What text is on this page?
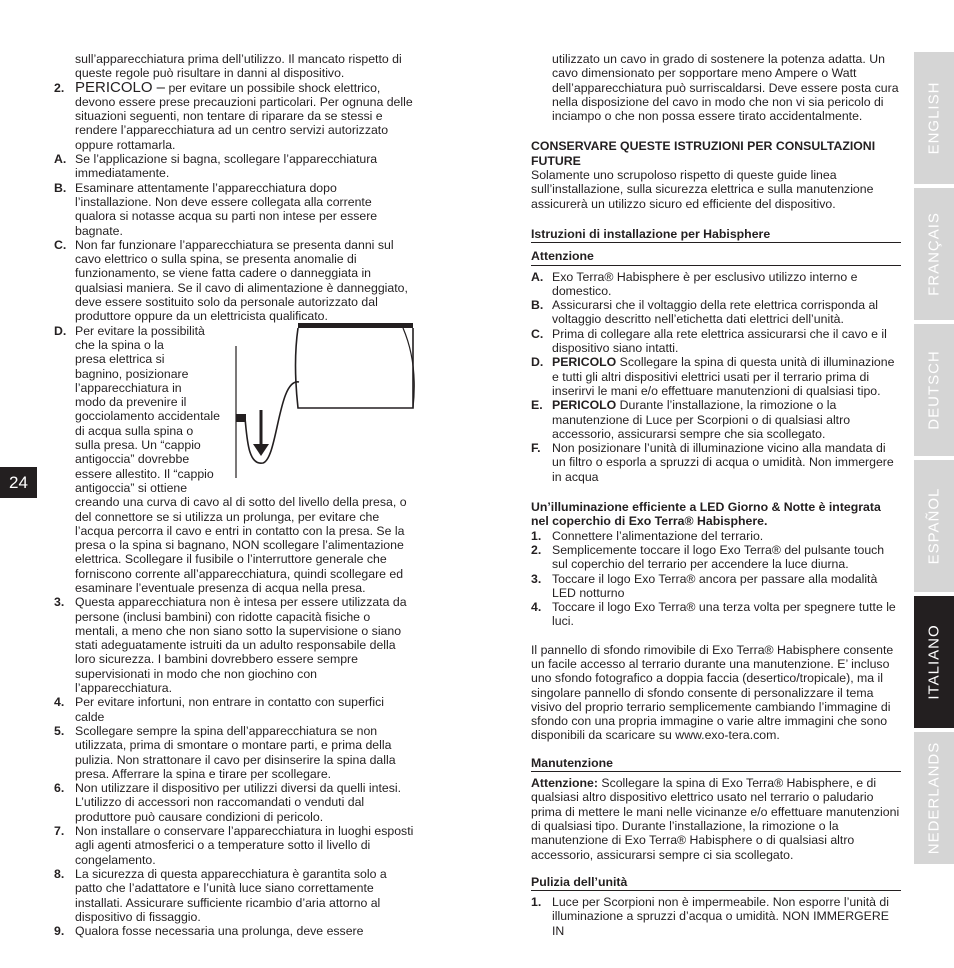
sull’apparecchiatura prima dell’utilizzo. Il mancato rispetto di queste regole può risultare in danni al dispositivo.
2. PERICOLO – per evitare un possibile shock elettrico, devono essere prese precauzioni particolari. Per ognuna delle situazioni seguenti, non tentare di riparare da se stessi e rendere l’apparecchiatura ad un centro servizi autorizzato oppure rottamarla.
A. Se l’applicazione si bagna, scollegare l’apparecchiatura immediatamente.
B. Esaminare attentamente l’apparecchiatura dopo l’installazione. Non deve essere collegata alla corrente qualora si notasse acqua su parti non intese per essere bagnate.
C. Non far funzionare l’apparecchiatura se presenta danni sul cavo elettrico o sulla spina, se presenta anomalie di funzionamento, se viene fatta cadere o danneggiata in qualsiasi maniera. Se il cavo di alimentazione è danneggiato, deve essere sostituito solo da personale autorizzato dal produttore oppure da un elettricista qualificato.
D. Per evitare la possibilità
che la spina o la
presa elettrica si
bagnino, posizionare
l’apparecchiatura in
modo da prevenire il
gocciolamento accidentale
di acqua sulla spina o
sulla presa. Un “cappio
antigoccia” dovrebbe
essere allestito. Il “cappio
antigoccia” si ottiene
creando una curva di cavo al di sotto del livello della presa, o del connettore se si utilizza un prolunga, per evitare che l’acqua percorra il cavo e entri in contatto con la presa. Se la presa o la spina si bagnano, NON scollegare l’alimentazione elettrica. Scollegare il fusibile o l’interruttore generale che forniscono corrente all’apparecchiatura, quindi scollegare ed esaminare l’eventuale presenza di acqua nella presa.
3. Questa apparecchiatura non è intesa per essere utilizzata da persone (inclusi bambini) con ridotte capacità fisiche o mentali, a meno che non siano sotto la supervisione o siano stati adeguatamente istruiti da un adulto responsabile della loro sicurezza. I bambini dovrebbero essere sempre supervisionati in modo che non giochino con l’apparecchiatura.
4. Per evitare infortuni, non entrare in contatto con superfici calde
5. Scollegare sempre la spina dell’apparecchiatura se non utilizzata, prima di smontare o montare parti, e prima della pulizia. Non strattonare il cavo per disinserire la spina dalla presa. Afferrare la spina e tirare per scollegare.
6. Non utilizzare il dispositivo per utilizzi diversi da quelli intesi. L’utilizzo di accessori non raccomandati o venduti dal produttore può causare condizioni di pericolo.
7. Non installare o conservare l’apparecchiatura in luoghi esposti agli agenti atmosferici o a temperature sotto il livello di congelamento.
8. La sicurezza di questa apparecchiatura è garantita solo a patto che l’adattatore e l’unità luce siano correttamente installati. Assicurare sufficiente ricambio d’aria attorno al dispositivo di fissaggio.
9. Qualora fosse necessaria una prolunga, deve essere
utilizzato un cavo in grado di sostenere la potenza adatta. Un cavo dimensionato per sopportare meno Ampere o Watt dell’apparecchiatura può surriscaldarsi. Deve essere posta cura nella disposizione del cavo in modo che non vi sia pericolo di inciampo o che non possa essere tirato accidentalmente.
CONSERVARE QUESTE ISTRUZIONI PER CONSULTAZIONI FUTURE
Solamente uno scrupoloso rispetto di queste guide linea sull’installazione, sulla sicurezza elettrica e sulla manutenzione assicurerà un utilizzo sicuro ed efficiente del dispositivo.
Istruzioni di installazione per Habisphere
Attenzione
A. Exo Terra® Habisphere è per esclusivo utilizzo interno e domestico.
B. Assicurarsi che il voltaggio della rete elettrica corrisponda al voltaggio descritto nell’etichetta dati elettrici dell’unità.
C. Prima di collegare alla rete elettrica assicurarsi che il cavo e il dispositivo siano intatti.
D. PERICOLO Scollegare la spina di questa unità di illuminazione e tutti gli altri dispositivi elettrici usati per il terrario prima di inserirvi le mani e/o effettuare manutenzioni di qualsiasi tipo.
E. PERICOLO Durante l’installazione, la rimozione o la manutenzione di Luce per Scorpioni o di qualsiasi altro accessorio, assicurarsi sempre che sia scollegato.
F. Non posizionare l’unità di illuminazione vicino alla mandata di un filtro o esporla a spruzzi di acqua o umidità. Non immergere in acqua
Un’illuminazione efficiente a LED Giorno & Notte è integrata nel coperchio di Exo Terra® Habisphere.
1. Connettere l’alimentazione del terrario.
2. Semplicemente toccare il logo Exo Terra® del pulsante touch sul coperchio del terrario per accendere la luce diurna.
3. Toccare il logo Exo Terra® ancora per passare alla modalità LED notturno
4. Toccare il logo Exo Terra® una terza volta per spegnere tutte le luci.
Il pannello di sfondo rimovibile di Exo Terra® Habisphere consente un facile accesso al terrario durante una manutenzione. E’ incluso uno sfondo fotografico a doppia faccia (desertico/tropicale), ma il singolare pannello di sfondo consente di personalizzare il tema visivo del proprio terrario semplicemente cambiando l’immagine di sfondo con una propria immagine o varie altre immagini che sono disponibili da scaricare su www.exo-tera.com.
Manutenzione
Attenzione: Scollegare la spina di Exo Terra® Habisphere, e di qualsiasi altro dispositivo elettrico usato nel terrario o paludario prima di mettere le mani nelle vicinanze e/o effettuare manutenzioni di qualsiasi tipo. Durante l’installazione, la rimozione o la manutenzione di Exo Terra® Habisphere o di qualsiasi altro accessorio, assicurarsi sempre ci sia scollegato.
Pulizia dell’unità
1. Luce per Scorpioni non è impermeabile. Non esporre l’unità di illuminazione a spruzzi d’acqua o umidità. NON IMMERGERE IN
24
ENGLISH
FRANÇAIS
DEUTSCH
ESPAÑOL
ITALIANO
NEDERLANDS
